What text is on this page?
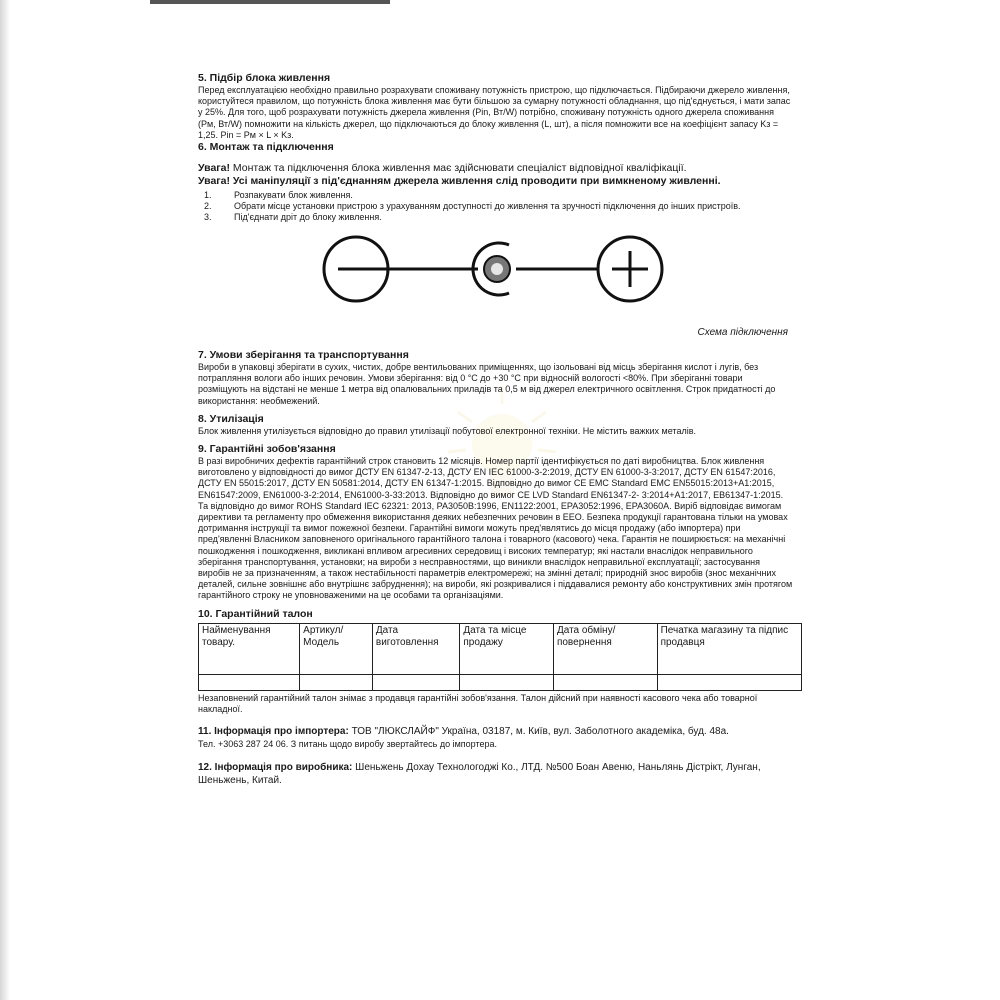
5. Підбір блока живлення

Перед експлуатацією необхідно правильно розрахувати споживану потужність пристрою, що підключається. Підбираючи джерело живлення, користуйтеся правилом, що потужність блока живлення має бути більшою за сумарну потужності обладнання, що під'єднується, і мати запас у 25%. Для того, щоб розрахувати потужність джерела живлення (Pin, Вт/W) потрібно, споживану потужність одного джерела споживання (Pм, Вт/W) помножити на кількість джерел, що підключаються до блоку живлення (L, шт), а після помножити все на коефіцієнт запасу Kз = 1,25. Pin = Pм × L × Kз.

6. Монтаж та підключення

Увага! Монтаж та підключення блока живлення має здійснювати спеціаліст відповідної кваліфікації.

Увага! Усі маніпуляції з під'єднанням джерела живлення слід проводити при вимкненому живленні.

1. Розпакувати блок живлення.
2. Обрати місце установки пристрою з урахуванням доступності до живлення та зручності підключення до інших пристроїв.
3. Під'єднати дріт до блоку живлення.
Схема підключення

7. Умови зберігання та транспортування

Вироби в упаковці зберігати в сухих, чистих, добре вентильованих приміщеннях, що ізольовані від місць зберігання кислот і лугів, без потрапляння вологи або інших речовин. Умови зберігання: від 0 °C до +30 °C при відносній вологості <80%. При зберіганні товари розміщують на відстані не менше 1 метра від опалювальних приладів та 0,5 м від джерел електричного освітлення. Строк придатності до використання: необмежений.

8. Утилізація

Блок живлення утилізується відповідно до правил утилізації побутової електронної техніки. Не містить важких металів.

9. Гарантійні зобов'язання

В разі виробничих дефектів гарантійний строк становить 12 місяців. Номер партії ідентифікується по даті виробництва. Блок живлення виготовлено у відповідності до вимог ДСТУ EN 61347-2-13, ДСТУ EN IEC 61000-3-2:2019, ДСТУ EN 61000-3-3:2017, ДСТУ EN 61547:2016, ДСТУ EN 55015:2017, ДСТУ EN 50581:2014, ДСТУ EN 61347-1:2015. Відповідно до вимог CE EMC Standard EMC EN55015:2013+A1:2015, EN61547:2009, EN61000-3-2:2014, EN61000-3-33:2013. Відповідно до вимог CE LVD Standard EN61347-2- 3:2014+A1:2017, EB61347-1:2015. Та відповідно до вимог ROHS Standard IEC 62321: 2013, PA3050B:1996, EN1122:2001, EPA3052:1996, EPA3060A. Виріб відповідає вимогам директиви та регламенту про обмеження використання деяких небезпечних речовин в ЕЕО. Безпека продукції гарантована тільки на умовах дотримання інструкції та вимог пожежної безпеки. Гарантійні вимоги можуть пред'являтись до місця продажу (або імпортера) при пред'явленні Власником заповненого оригінального гарантійного талона і товарного (касового) чека. Гарантія не поширюється: на механічні пошкодження і пошкодження, викликані впливом агресивних середовищ і високих температур; які настали внаслідок неправильного зберігання транспортування, установки; на вироби з несправностями, що виникли внаслідок неправильної експлуатації; застосування виробів не за призначенням, а також нестабільності параметрів електромережі; на змінні деталі; природній знос виробів (знос механічних деталей, сильне зовнішнє або внутрішнє забруднення); на вироби, які розкривалися і піддавалися ремонту або конструктивних змін протягом гарантійного строку не уповноваженими на це особами та організаціями.

10. Гарантійний талон

Найменування товару.	Артикул/Модель	Дата виготовлення	Дата та місце продажу	Дата обміну/повернення	Печатка магазину та підпис продавця

Незаповнений гарантійний талон знімає з продавця гарантійні зобов'язання. Талон дійсний при наявності касового чека або товарної накладної.

11. Інформація про імпортера: ТОВ "ЛЮКСЛАЙФ" Україна, 03187, м. Київ, вул. Заболотного академіка, буд. 48а.

Тел. +3063 287 24 06. З питань щодо виробу звертайтесь до імпортера.

12. Інформація про виробника: Шеньжень Дохау Технологоджі Ко., ЛТД. №500 Боан Авеню, Наньлянь Дістрікт, Лунган, Шеньжень, Китай.
